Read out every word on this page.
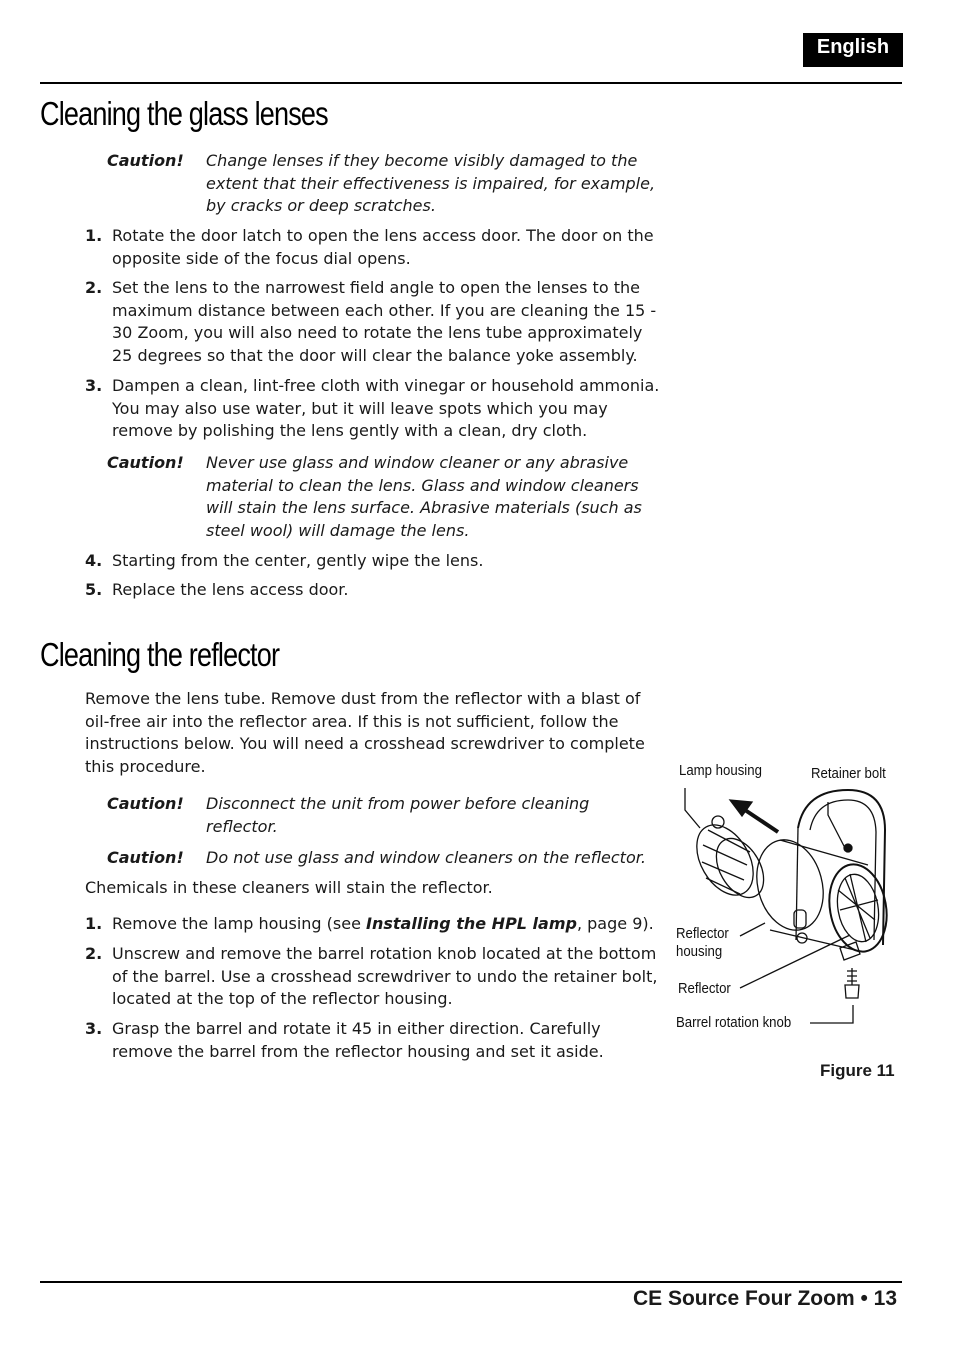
English
Cleaning the glass lenses
Caution! Change lenses if they become visibly damaged to the extent that their effectiveness is impaired, for example, by cracks or deep scratches.
1. Rotate the door latch to open the lens access door. The door on the opposite side of the focus dial opens.
2. Set the lens to the narrowest field angle to open the lenses to the maximum distance between each other. If you are cleaning the 15 - 30 Zoom, you will also need to rotate the lens tube approximately 25 degrees so that the door will clear the balance yoke assembly.
3. Dampen a clean, lint-free cloth with vinegar or household ammonia. You may also use water, but it will leave spots which you may remove by polishing the lens gently with a clean, dry cloth.
Caution! Never use glass and window cleaner or any abrasive material to clean the lens. Glass and window cleaners will stain the lens surface. Abrasive materials (such as steel wool) will damage the lens.
4. Starting from the center, gently wipe the lens.
5. Replace the lens access door.
Cleaning the reflector
Remove the lens tube. Remove dust from the reflector with a blast of oil-free air into the reflector area. If this is not sufficient, follow the instructions below. You will need a crosshead screwdriver to complete this procedure.
Caution! Disconnect the unit from power before cleaning reflector.
Caution! Do not use glass and window cleaners on the reflector.
Chemicals in these cleaners will stain the reflector.
1. Remove the lamp housing (see Installing the HPL lamp, page 9).
2. Unscrew and remove the barrel rotation knob located at the bottom of the barrel. Use a crosshead screwdriver to undo the retainer bolt, located at the top of the reflector housing.
3. Grasp the barrel and rotate it 45 in either direction. Carefully remove the barrel from the reflector housing and set it aside.
Lamp housing	Retainer bolt
Reflector
housing
Reflector
Barrel rotation knob
Figure 11
CE Source Four Zoom • 13
